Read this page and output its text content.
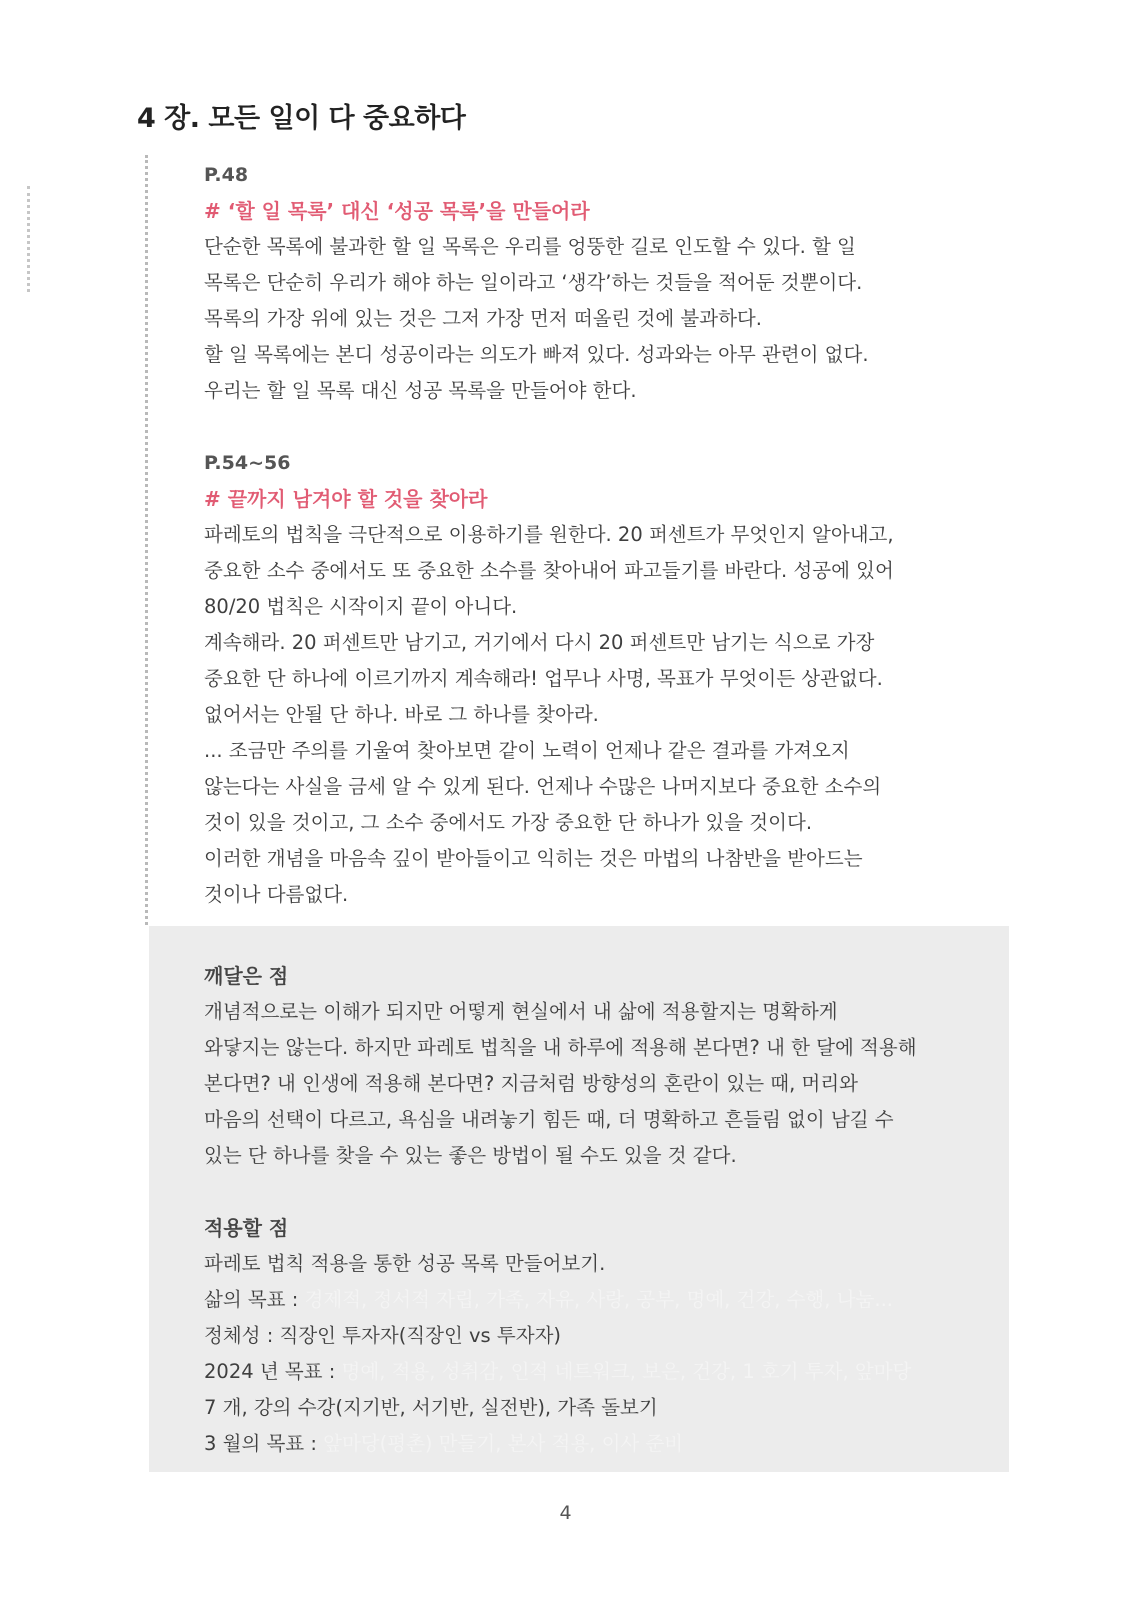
4 장. 모든 일이 다 중요하다
P.48
# ‘할 일 목록’ 대신 ‘성공 목록’을 만들어라
단순한 목록에 불과한 할 일 목록은 우리를 엉뚱한 길로 인도할 수 있다. 할 일
목록은 단순히 우리가 해야 하는 일이라고 ‘생각’하는 것들을 적어둔 것뿐이다.
목록의 가장 위에 있는 것은 그저 가장 먼저 떠올린 것에 불과하다.
할 일 목록에는 본디 성공이라는 의도가 빠져 있다. 성과와는 아무 관련이 없다.
우리는 할 일 목록 대신 성공 목록을 만들어야 한다.
P.54~56
# 끝까지 남겨야 할 것을 찾아라
파레토의 법칙을 극단적으로 이용하기를 원한다. 20 퍼센트가 무엇인지 알아내고,
중요한 소수 중에서도 또 중요한 소수를 찾아내어 파고들기를 바란다. 성공에 있어
80/20 법칙은 시작이지 끝이 아니다.
계속해라. 20 퍼센트만 남기고, 거기에서 다시 20 퍼센트만 남기는 식으로 가장
중요한 단 하나에 이르기까지 계속해라! 업무나 사명, 목표가 무엇이든 상관없다.
없어서는 안될 단 하나. 바로 그 하나를 찾아라.
... 조금만 주의를 기울여 찾아보면 같이 노력이 언제나 같은 결과를 가져오지
않는다는 사실을 금세 알 수 있게 된다. 언제나 수많은 나머지보다 중요한 소수의
것이 있을 것이고, 그 소수 중에서도 가장 중요한 단 하나가 있을 것이다.
이러한 개념을 마음속 깊이 받아들이고 익히는 것은 마법의 나참반을 받아드는
것이나 다름없다.
깨달은 점
개념적으로는 이해가 되지만 어떻게 현실에서 내 삶에 적용할지는 명확하게
와닿지는 않는다. 하지만 파레토 법칙을 내 하루에 적용해 본다면? 내 한 달에 적용해
본다면? 내 인생에 적용해 본다면? 지금처럼 방향성의 혼란이 있는 때, 머리와
마음의 선택이 다르고, 욕심을 내려놓기 힘든 때, 더 명확하고 흔들림 없이 남길 수
있는 단 하나를 찾을 수 있는 좋은 방법이 될 수도 있을 것 같다.
적용할 점
파레토 법칙 적용을 통한 성공 목록 만들어보기.
삶의 목표 : 경제적, 정서적 자립, 가족, 자유, 사랑, 공부, 명예, 건강, 수행, 나눔...
정체성 : 직장인 투자자(직장인 vs 투자자)
2024 년 목표 : 명예, 적용, 성취감, 인적 네트워크, 보은, 건강, 1 호기 투자, 앞마당
7 개, 강의 수강(지기반, 서기반, 실전반), 가족 돌보기
3 월의 목표 : 앞마당(평촌) 만들기, 본사 적용, 이사 준비
4
